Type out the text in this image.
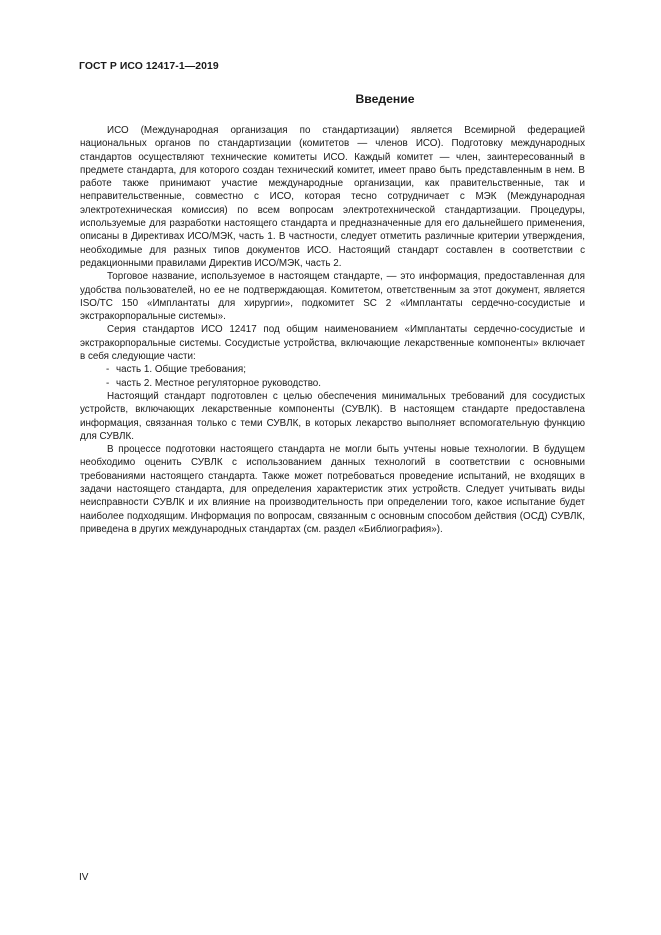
ГОСТ Р ИСО 12417-1—2019
Введение

ИСО (Международная организация по стандартизации) является Всемирной федерацией национальных органов по стандартизации (комитетов — членов ИСО). Подготовку международных стандартов осуществляют технические комитеты ИСО. Каждый комитет — член, заинтересованный в предмете стандарта, для которого создан технический комитет, имеет право быть представленным в нем. В работе также принимают участие международные организации, как правительственные, так и неправительственные, совместно с ИСО, которая тесно сотрудничает с МЭК (Международная электротехническая комиссия) по всем вопросам электротехнической стандартизации. Процедуры, используемые для разработки настоящего стандарта и предназначенные для его дальнейшего применения, описаны в Директивах ИСО/МЭК, часть 1. В частности, следует отметить различные критерии утверждения, необходимые для разных типов документов ИСО. Настоящий стандарт составлен в соответствии с редакционными правилами Директив ИСО/МЭК, часть 2.

Торговое название, используемое в настоящем стандарте, — это информация, предоставленная для удобства пользователей, но ее не подтверждающая. Комитетом, ответственным за этот документ, является ISO/TC 150 «Имплантаты для хирургии», подкомитет SC 2 «Имплантаты сердечно-сосудистые и экстракорпоральные системы».

Серия стандартов ИСО 12417 под общим наименованием «Имплантаты сердечно-сосудистые и экстракорпоральные системы. Сосудистые устройства, включающие лекарственные компоненты» включает в себя следующие части:

- часть 1. Общие требования;
- часть 2. Местное регуляторное руководство.

Настоящий стандарт подготовлен с целью обеспечения минимальных требований для сосудистых устройств, включающих лекарственные компоненты (СУВЛК). В настоящем стандарте предоставлена информация, связанная только с теми СУВЛК, в которых лекарство выполняет вспомогательную функцию для СУВЛК.

В процессе подготовки настоящего стандарта не могли быть учтены новые технологии. В будущем необходимо оценить СУВЛК с использованием данных технологий в соответствии с основными требованиями настоящего стандарта. Также может потребоваться проведение испытаний, не входящих в задачи настоящего стандарта, для определения характеристик этих устройств. Следует учитывать виды неисправности СУВЛК и их влияние на производительность при определении того, какое испытание будет наиболее подходящим. Информация по вопросам, связанным с основным способом действия (ОСД) СУВЛК, приведена в других международных стандартах (см. раздел «Библиография»).

IV
